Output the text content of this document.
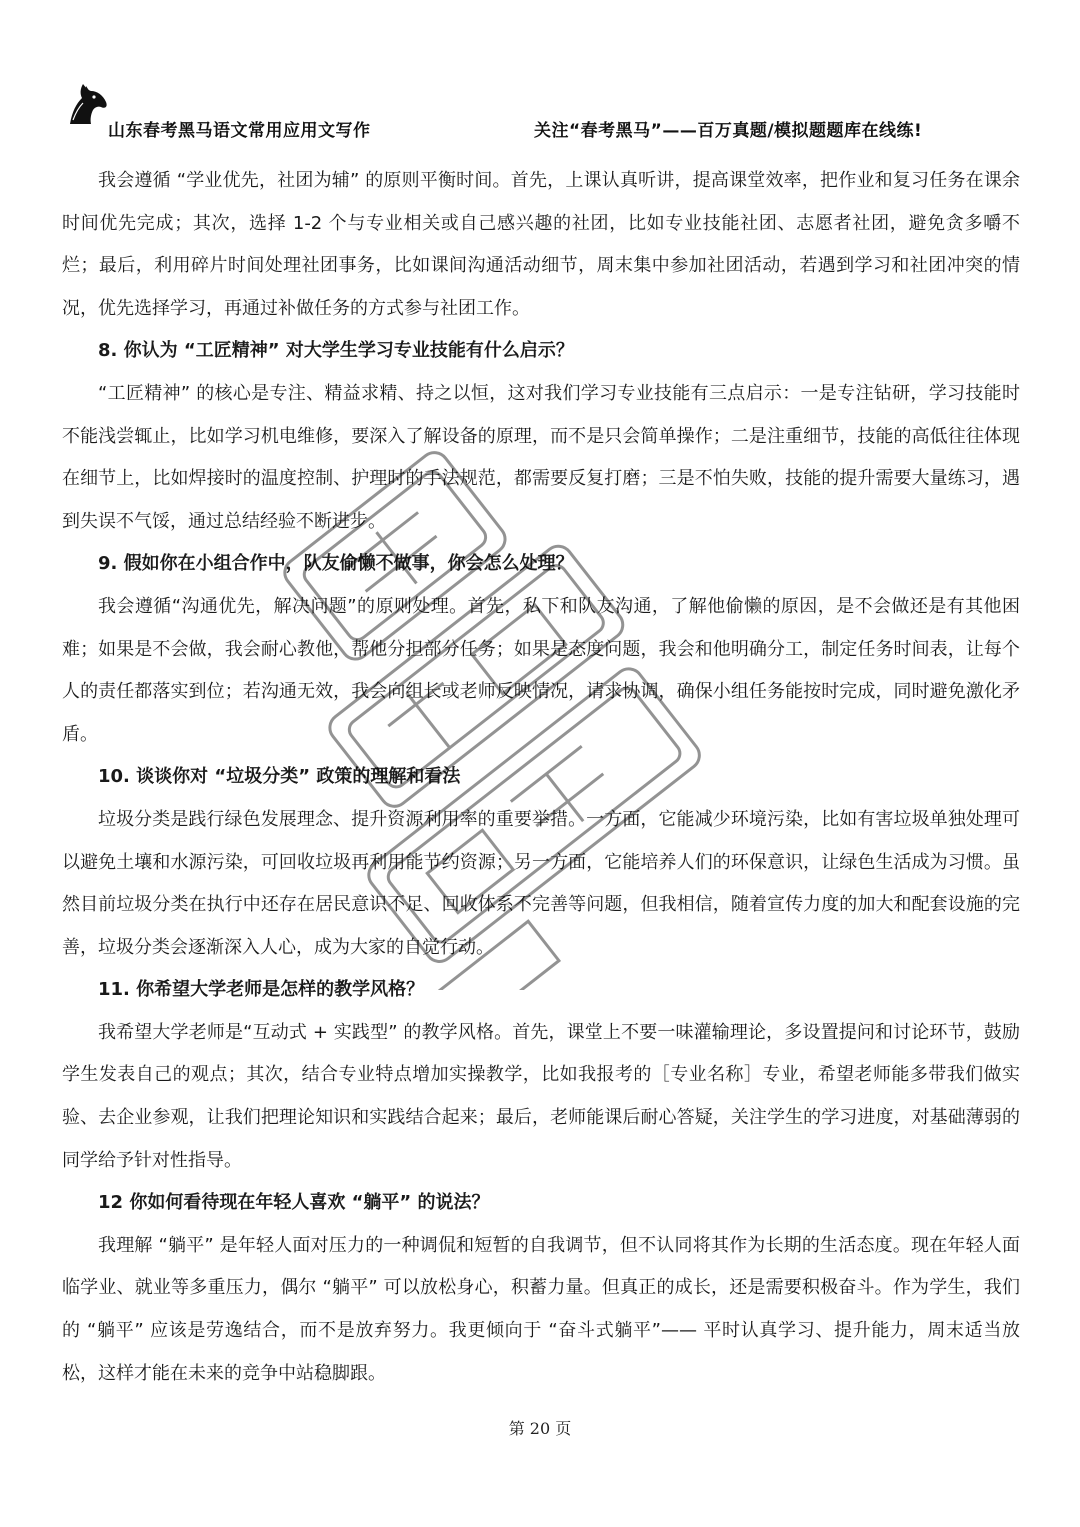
山东春考黑马语文常用应用文写作	关注“春考黑马”——百万真题/模拟题题库在线练!

我会遵循 “学业优先，社团为辅” 的原则平衡时间。首先，上课认真听讲，提高课堂效率，把作业和复习任务在课余时间优先完成；其次，选择 1-2 个与专业相关或自己感兴趣的社团，比如专业技能社团、志愿者社团，避免贪多嚼不烂；最后，利用碎片时间处理社团事务，比如课间沟通活动细节，周末集中参加社团活动，若遇到学习和社团冲突的情况，优先选择学习，再通过补做任务的方式参与社团工作。

8. 你认为 “工匠精神” 对大学生学习专业技能有什么启示？

“工匠精神” 的核心是专注、精益求精、持之以恒，这对我们学习专业技能有三点启示：一是专注钻研，学习技能时不能浅尝辄止，比如学习机电维修，要深入了解设备的原理，而不是只会简单操作；二是注重细节，技能的高低往往体现在细节上，比如焊接时的温度控制、护理时的手法规范，都需要反复打磨；三是不怕失败，技能的提升需要大量练习，遇到失误不气馁，通过总结经验不断进步。

9. 假如你在小组合作中，队友偷懒不做事，你会怎么处理？

我会遵循“沟通优先，解决问题”的原则处理。首先，私下和队友沟通，了解他偷懒的原因，是不会做还是有其他困难；如果是不会做，我会耐心教他，帮他分担部分任务；如果是态度问题，我会和他明确分工，制定任务时间表，让每个人的责任都落实到位；若沟通无效，我会向组长或老师反映情况，请求协调，确保小组任务能按时完成，同时避免激化矛盾。

10. 谈谈你对 “垃圾分类” 政策的理解和看法

垃圾分类是践行绿色发展理念、提升资源利用率的重要举措。一方面，它能减少环境污染，比如有害垃圾单独处理可以避免土壤和水源污染，可回收垃圾再利用能节约资源；另一方面，它能培养人们的环保意识，让绿色生活成为习惯。虽然目前垃圾分类在执行中还存在居民意识不足、回收体系不完善等问题，但我相信，随着宣传力度的加大和配套设施的完善，垃圾分类会逐渐深入人心，成为大家的自觉行动。

11. 你希望大学老师是怎样的教学风格？

我希望大学老师是“互动式 + 实践型” 的教学风格。首先，课堂上不要一味灌输理论，多设置提问和讨论环节，鼓励学生发表自己的观点；其次，结合专业特点增加实操教学，比如我报考的［专业名称］专业，希望老师能多带我们做实验、去企业参观，让我们把理论知识和实践结合起来；最后，老师能课后耐心答疑，关注学生的学习进度，对基础薄弱的同学给予针对性指导。

12 你如何看待现在年轻人喜欢 “躺平” 的说法？

我理解 “躺平” 是年轻人面对压力的一种调侃和短暂的自我调节，但不认同将其作为长期的生活态度。现在年轻人面临学业、就业等多重压力，偶尔 “躺平” 可以放松身心，积蓄力量。但真正的成长，还是需要积极奋斗。作为学生，我们的 “躺平” 应该是劳逸结合，而不是放弃努力。我更倾向于 “奋斗式躺平”—— 平时认真学习、提升能力，周末适当放松，这样才能在未来的竞争中站稳脚跟。

第 20 页
